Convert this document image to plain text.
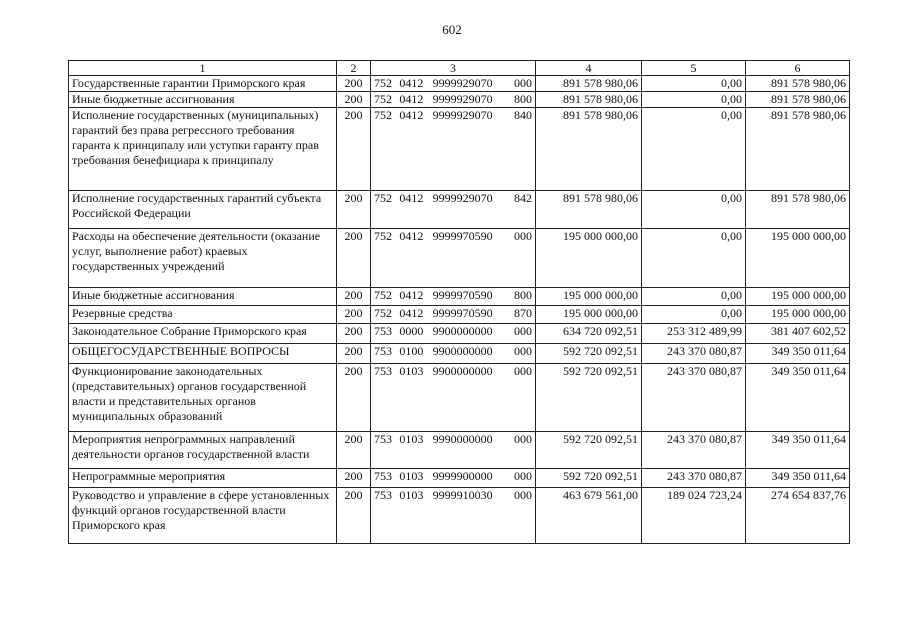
602
1	2	3	4	5	6
Государственные гарантии Приморского края	200	752 0412 9999929070 000	891 578 980,06	0,00	891 578 980,06
Иные бюджетные ассигнования	200	752 0412 9999929070 800	891 578 980,06	0,00	891 578 980,06
Исполнение государственных (муниципальных) гарантий без права регрессного требования гаранта к принципалу или уступки гаранту прав требования бенефициара к принципалу	200	752 0412 9999929070 840	891 578 980,06	0,00	891 578 980,06
Исполнение государственных гарантий субъекта Российской Федерации	200	752 0412 9999929070 842	891 578 980,06	0,00	891 578 980,06
Расходы на обеспечение деятельности (оказание услуг, выполнение работ) краевых государственных учреждений	200	752 0412 9999970590 000	195 000 000,00	0,00	195 000 000,00
Иные бюджетные ассигнования	200	752 0412 9999970590 800	195 000 000,00	0,00	195 000 000,00
Резервные средства	200	752 0412 9999970590 870	195 000 000,00	0,00	195 000 000,00
Законодательное Собрание Приморского края	200	753 0000 9900000000 000	634 720 092,51	253 312 489,99	381 407 602,52
ОБЩЕГОСУДАРСТВЕННЫЕ ВОПРОСЫ	200	753 0100 9900000000 000	592 720 092,51	243 370 080,87	349 350 011,64
Функционирование законодательных (представительных) органов государственной власти и представительных органов муниципальных образований	200	753 0103 9900000000 000	592 720 092,51	243 370 080,87	349 350 011,64
Мероприятия непрограммных направлений деятельности органов государственной власти	200	753 0103 9990000000 000	592 720 092,51	243 370 080,87	349 350 011,64
Непрограммные мероприятия	200	753 0103 9999900000 000	592 720 092,51	243 370 080,87	349 350 011,64
Руководство и управление в сфере установленных функций органов государственной власти Приморского края	200	753 0103 9999910030 000	463 679 561,00	189 024 723,24	274 654 837,76
